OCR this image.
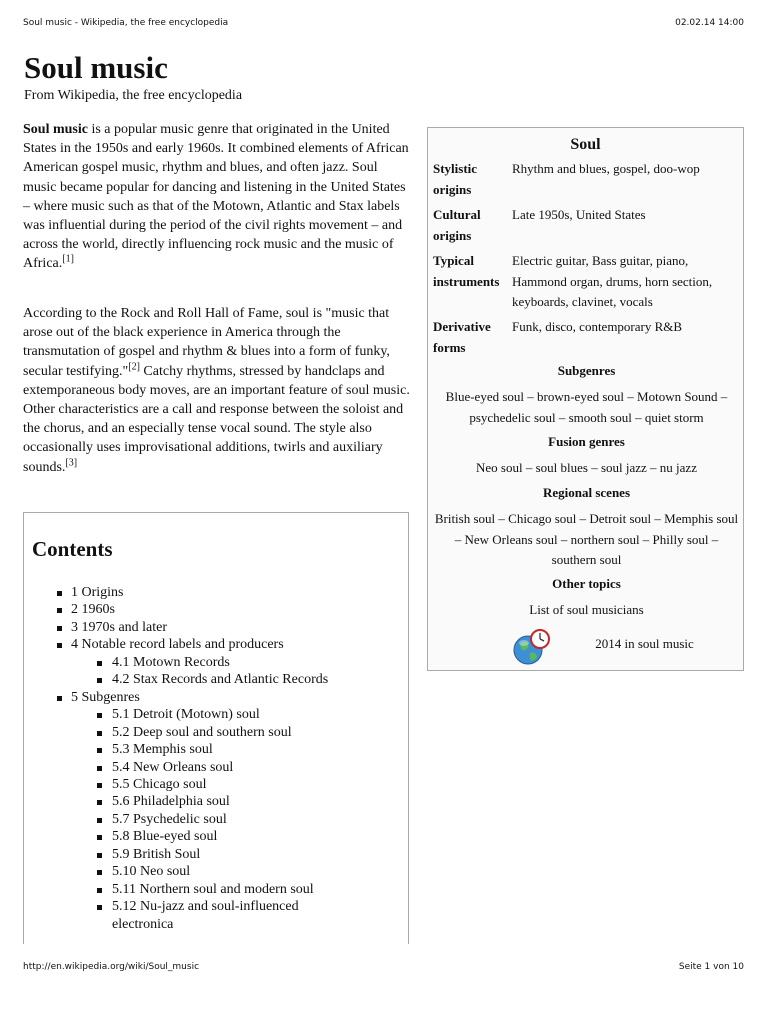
Soul music - Wikipedia, the free encyclopedia	02.02.14 14:00
Soul music
From Wikipedia, the free encyclopedia
Soul music is a popular music genre that originated in the United States in the 1950s and early 1960s. It combined elements of African American gospel music, rhythm and blues, and often jazz. Soul music became popular for dancing and listening in the United States – where music such as that of the Motown, Atlantic and Stax labels was influential during the period of the civil rights movement – and across the world, directly influencing rock music and the music of Africa.[1]
According to the Rock and Roll Hall of Fame, soul is "music that arose out of the black experience in America through the transmutation of gospel and rhythm & blues into a form of funky, secular testifying."[2] Catchy rhythms, stressed by handclaps and extemporaneous body moves, are an important feature of soul music. Other characteristics are a call and response between the soloist and the chorus, and an especially tense vocal sound. The style also occasionally uses improvisational additions, twirls and auxiliary sounds.[3]
Contents
1 Origins
2 1960s
3 1970s and later
4 Notable record labels and producers
4.1 Motown Records
4.2 Stax Records and Atlantic Records
5 Subgenres
5.1 Detroit (Motown) soul
5.2 Deep soul and southern soul
5.3 Memphis soul
5.4 New Orleans soul
5.5 Chicago soul
5.6 Philadelphia soul
5.7 Psychedelic soul
5.8 Blue-eyed soul
5.9 British Soul
5.10 Neo soul
5.11 Northern soul and modern soul
5.12 Nu-jazz and soul-influenced electronica
Soul
Stylistic origins
Rhythm and blues, gospel, doo-wop
Cultural origins
Late 1950s, United States
Typical instruments
Electric guitar, Bass guitar, piano, Hammond organ, drums, horn section, keyboards, clavinet, vocals
Derivative forms
Funk, disco, contemporary R&B
Subgenres
Blue-eyed soul – brown-eyed soul – Motown Sound – psychedelic soul – smooth soul – quiet storm
Fusion genres
Neo soul – soul blues – soul jazz – nu jazz
Regional scenes
British soul – Chicago soul – Detroit soul – Memphis soul – New Orleans soul – northern soul – Philly soul – southern soul
Other topics
List of soul musicians
2014 in soul music
http://en.wikipedia.org/wiki/Soul_music	Seite 1 von 10
